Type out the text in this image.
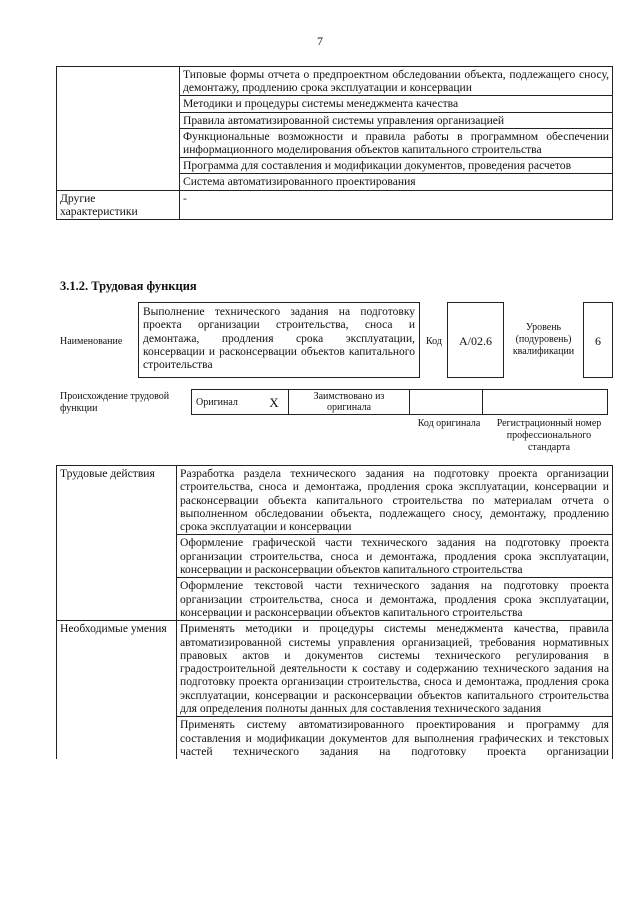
7
	Типовые формы отчета о предпроектном обследовании объекта, подлежащего сносу, демонтажу, продлению срока эксплуатации и консервации
	Методики и процедуры системы менеджмента качества
	Правила автоматизированной системы управления организацией
	Функциональные возможности и правила работы в программном обеспечении информационного моделирования объектов капитального строительства
	Программа для составления и модификации документов, проведения расчетов
	Система автоматизированного проектирования
Другие характеристики	-
3.1.2. Трудовая функция
Наименование
Выполнение технического задания на подготовку проекта организации строительства, сноса и демонтажа, продления срока эксплуатации, консервации и расконсервации объектов капитального строительства
Код	А/02.6
Уровень (подуровень) квалификации
6
Происхождение трудовой функции
Оригинал	X	Заимствовано из оригинала		
Код оригинала	Регистрационный номер профессионального стандарта
Трудовые действия	Разработка раздела технического задания на подготовку проекта организации строительства, сноса и демонтажа, продления срока эксплуатации, консервации и расконсервации объекта капитального строительства по материалам отчета о выполненном обследовании объекта, подлежащего сносу, демонтажу, продлению срока эксплуатации и консервации
	Оформление графической части технического задания на подготовку проекта организации строительства, сноса и демонтажа, продления срока эксплуатации, консервации и расконсервации объектов капитального строительства
	Оформление текстовой части технического задания на подготовку проекта организации строительства, сноса и демонтажа, продления срока эксплуатации, консервации и расконсервации объектов капитального строительства
Необходимые умения	Применять методики и процедуры системы менеджмента качества, правила автоматизированной системы управления организацией, требования нормативных правовых актов и документов системы технического регулирования в градостроительной деятельности к составу и содержанию технического задания на подготовку проекта организации строительства, сноса и демонтажа, продления срока эксплуатации, консервации и расконсервации объектов капитального строительства для определения полноты данных для составления технического задания
	Применять систему автоматизированного проектирования и программу для составления и модификации документов для выполнения графических и текстовых частей технического задания на подготовку проекта организации
